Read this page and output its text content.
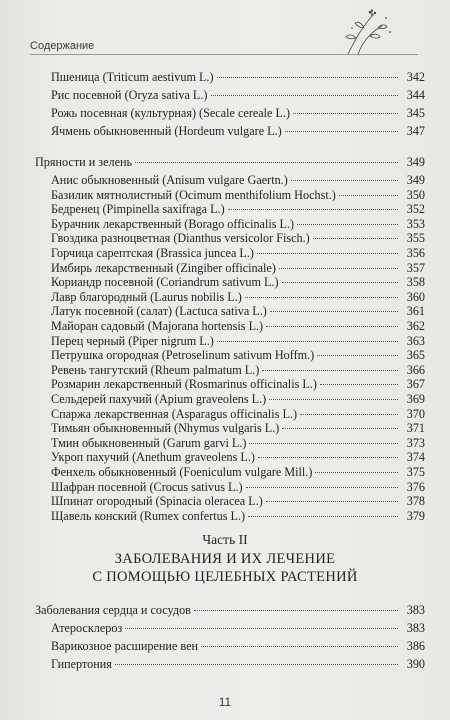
Содержание
Пшеница (Triticum aestivum L.)	342
Рис посевной (Oryza sativa L.)	344
Рожь посевная (культурная) (Secale cereale L.)	345
Ячмень обыкновенный (Hordeum vulgare L.)	347
Пряности и зелень	349
Анис обыкновенный (Anisum vulgare Gaertn.)	349
Базилик мятнолистный (Ocimum menthifolium Hochst.)	350
Бедренец (Pimpinella saxifraga L.)	352
Бурачник лекарственный (Borago officinalis L.)	353
Гвоздика разноцветная (Dianthus versicolor Fisch.)	355
Горчица сарептская (Brassica juncea L.)	356
Имбирь лекарственный (Zingiber officinale)	357
Кориандр посевной (Coriandrum sativum L.)	358
Лавр благородный (Laurus nobilis L.)	360
Латук посевной (салат) (Lactuca sativa L.)	361
Майоран садовый (Majorana hortensis L.)	362
Перец черный (Piper nigrum L.)	363
Петрушка огородная (Petroselinum sativum Hoffm.)	365
Ревень тангутский (Rheum palmatum L.)	366
Розмарин лекарственный (Rosmarinus officinalis L.)	367
Сельдерей пахучий (Apium graveolens L.)	369
Спаржа лекарственная (Asparagus officinalis L.)	370
Тимьян обыкновенный (Nhymus vulgaris L.)	371
Тмин обыкновенный (Garum garvi L.)	373
Укроп пахучий (Anethum graveolens L.)	374
Фенхель обыкновенный (Foeniculum vulgare Mill.)	375
Шафран посевной (Crocus sativus L.)	376
Шпинат огородный (Spinacia oleracea L.)	378
Щавель конский (Rumex confertus L.)	379
Часть II
ЗАБОЛЕВАНИЯ И ИХ ЛЕЧЕНИЕ
С ПОМОЩЬЮ ЦЕЛЕБНЫХ РАСТЕНИЙ
Заболевания сердца и сосудов	383
Атеросклероз	383
Варикозное расширение вен	386
Гипертония	390
11
